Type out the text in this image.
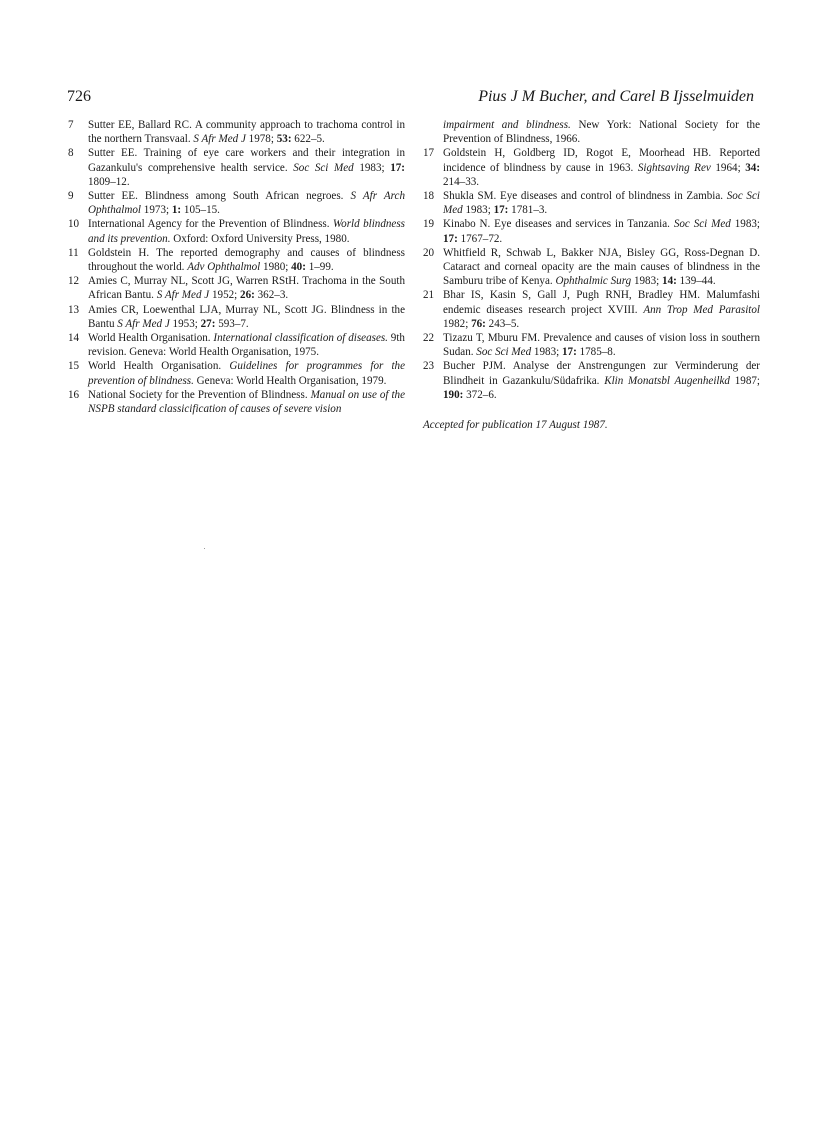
726	Pius J M Bucher, and Carel B Ijsselmuiden
7 Sutter EE, Ballard RC. A community approach to trachoma control in the northern Transvaal. S Afr Med J 1978; 53: 622–5.
8 Sutter EE. Training of eye care workers and their integration in Gazankulu's comprehensive health service. Soc Sci Med 1983; 17: 1809–12.
9 Sutter EE. Blindness among South African negroes. S Afr Arch Ophthalmol 1973; 1: 105–15.
10 International Agency for the Prevention of Blindness. World blindness and its prevention. Oxford: Oxford University Press, 1980.
11 Goldstein H. The reported demography and causes of blindness throughout the world. Adv Ophthalmol 1980; 40: 1–99.
12 Amies C, Murray NL, Scott JG, Warren RStH. Trachoma in the South African Bantu. S Afr Med J 1952; 26: 362–3.
13 Amies CR, Loewenthal LJA, Murray NL, Scott JG. Blindness in the Bantu S Afr Med J 1953; 27: 593–7.
14 World Health Organisation. International classification of diseases. 9th revision. Geneva: World Health Organisation, 1975.
15 World Health Organisation. Guidelines for programmes for the prevention of blindness. Geneva: World Health Organisation, 1979.
16 National Society for the Prevention of Blindness. Manual on use of the NSPB standard classicification of causes of severe vision
impairment and blindness. New York: National Society for the Prevention of Blindness, 1966.
17 Goldstein H, Goldberg ID, Rogot E, Moorhead HB. Reported incidence of blindness by cause in 1963. Sightsaving Rev 1964; 34: 214–33.
18 Shukla SM. Eye diseases and control of blindness in Zambia. Soc Sci Med 1983; 17: 1781–3.
19 Kinabo N. Eye diseases and services in Tanzania. Soc Sci Med 1983; 17: 1767–72.
20 Whitfield R, Schwab L, Bakker NJA, Bisley GG, Ross-Degnan D. Cataract and corneal opacity are the main causes of blindness in the Samburu tribe of Kenya. Ophthalmic Surg 1983; 14: 139–44.
21 Bhar IS, Kasin S, Gall J, Pugh RNH, Bradley HM. Malumfashi endemic diseases research project XVIII. Ann Trop Med Parasitol 1982; 76: 243–5.
22 Tizazu T, Mburu FM. Prevalence and causes of vision loss in southern Sudan. Soc Sci Med 1983; 17: 1785–8.
23 Bucher PJM. Analyse der Anstrengungen zur Verminderung der Blindheit in Gazankulu/Südafrika. Klin Monatsbl Augenheilkd 1987; 190: 372–6.
Accepted for publication 17 August 1987.
